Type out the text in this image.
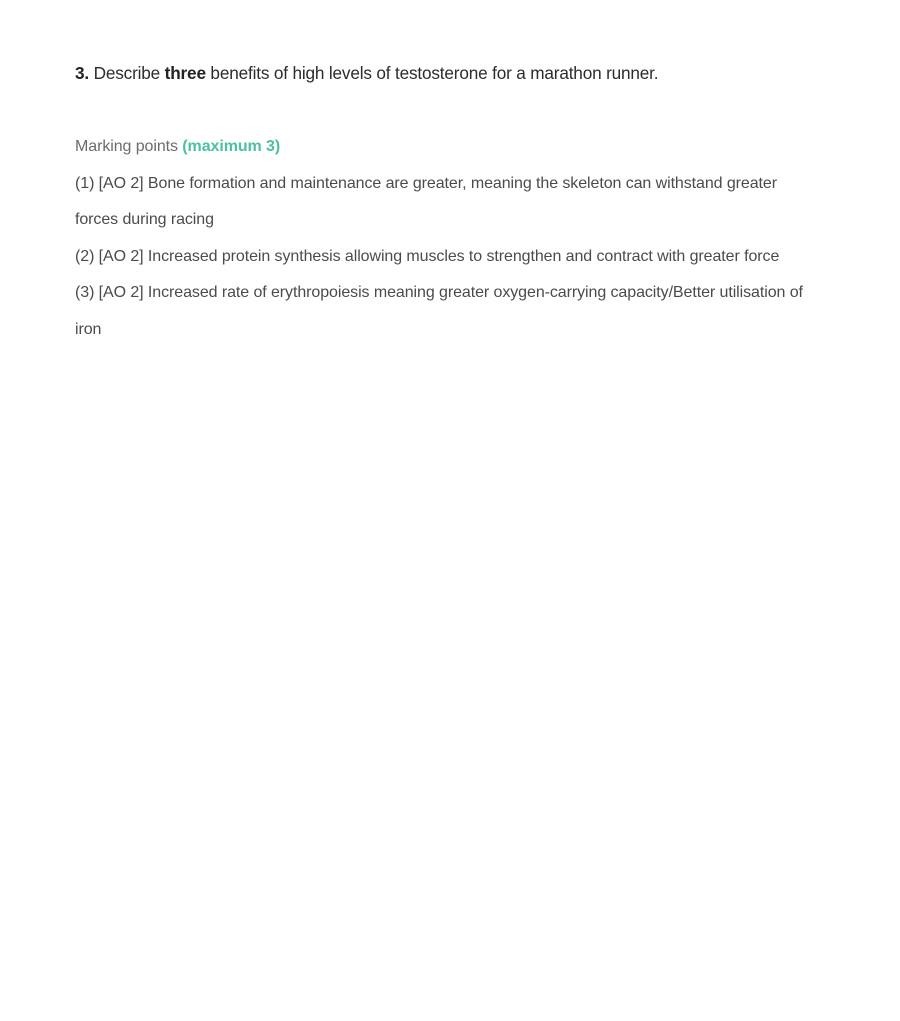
3. Describe three benefits of high levels of testosterone for a marathon runner.

Marking points (maximum 3)

(1) [AO 2] Bone formation and maintenance are greater, meaning the skeleton can withstand greater forces during racing
(2) [AO 2] Increased protein synthesis allowing muscles to strengthen and contract with greater force
(3) [AO 2] Increased rate of erythropoiesis meaning greater oxygen-carrying capacity/Better utilisation of iron
